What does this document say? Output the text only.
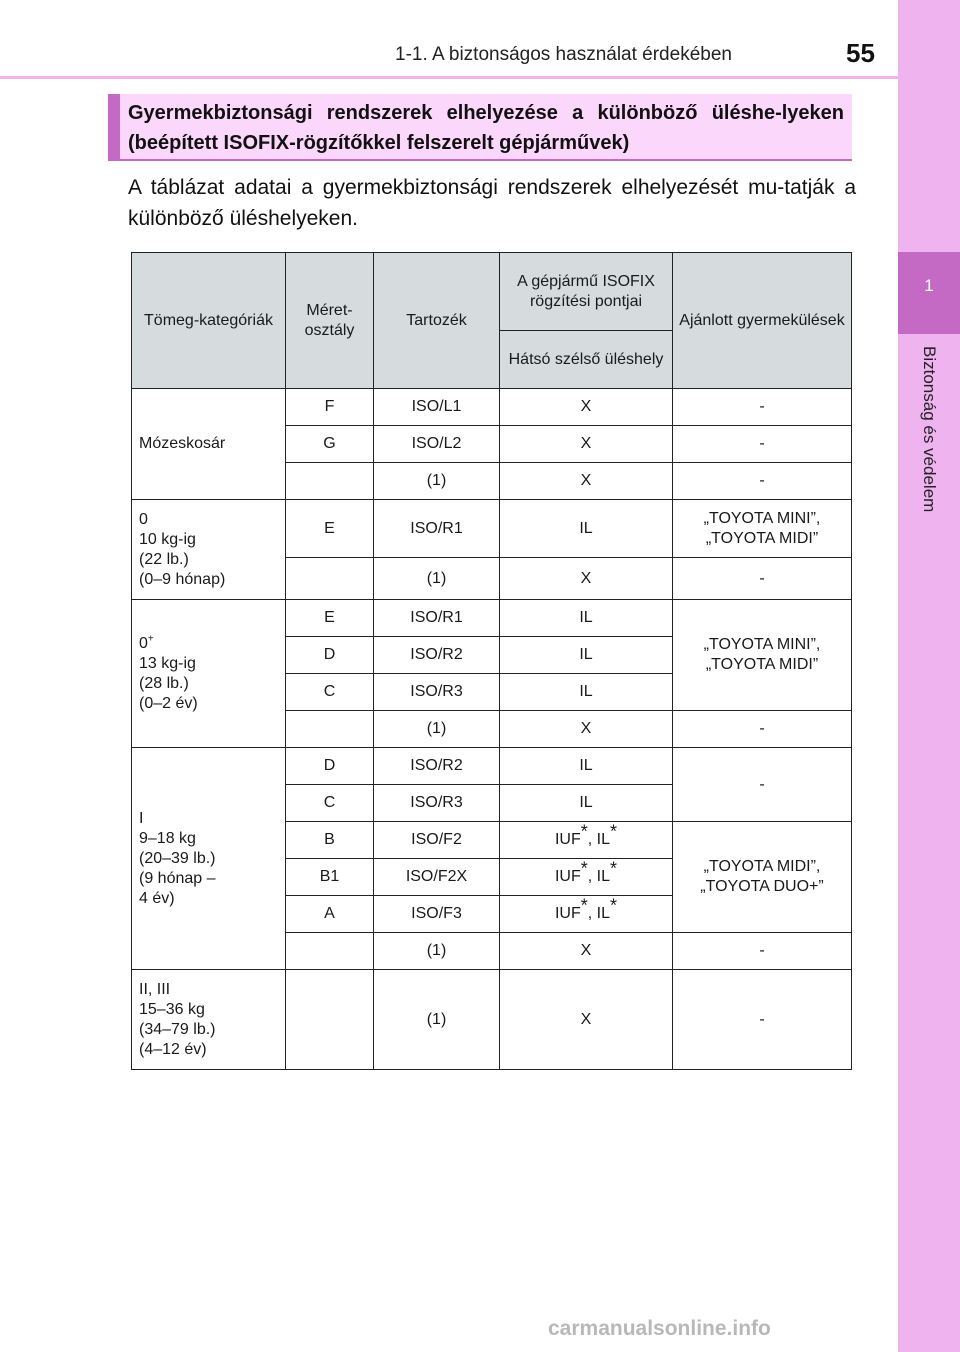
1
Biztonság és védelem
1-1. A biztonságos használat érdekében	55
Gyermekbiztonsági rendszerek elhelyezése a különböző üléshe-lyeken (beépített ISOFIX-rögzítőkkel felszerelt gépjárművek)
A táblázat adatai a gyermekbiztonsági rendszerek elhelyezését mu-tatják a különböző üléshelyeken.
Tömeg-kategóriák	Méret-osztály	Tartozék	A gépjármű ISOFIX rögzítési pontjai	Ajánlott gyermekülések
			Hátsó szélső üléshely	
Mózeskosár	F	ISO/L1	X	-
	G	ISO/L2	X	-
		(1)	X	-

0
10 kg-ig
(22 lb.)
(0–9 hónap)	E	ISO/R1	IL	„TOYOTA MINI”, „TOYOTA MIDI”
		(1)	X	-

0+
13 kg-ig
(28 lb.)
(0–2 év)	E	ISO/R1	IL	„TOYOTA MINI”, „TOYOTA MIDI”
	D	ISO/R2	IL	
	C	ISO/R3	IL	
		(1)	X	-

I
9–18 kg
(20–39 lb.)
(9 hónap –
4 év)	D	ISO/R2	IL	-
	C	ISO/R3	IL	
	B	ISO/F2	IUF*, IL*	„TOYOTA MIDI”, „TOYOTA DUO+”
	B1	ISO/F2X	IUF*, IL*	
	A	ISO/F3	IUF*, IL*	
		(1)	X	-

II, III
15–36 kg
(34–79 lb.)
(4–12 év)		(1)	X	-
carmanualsonline.info
